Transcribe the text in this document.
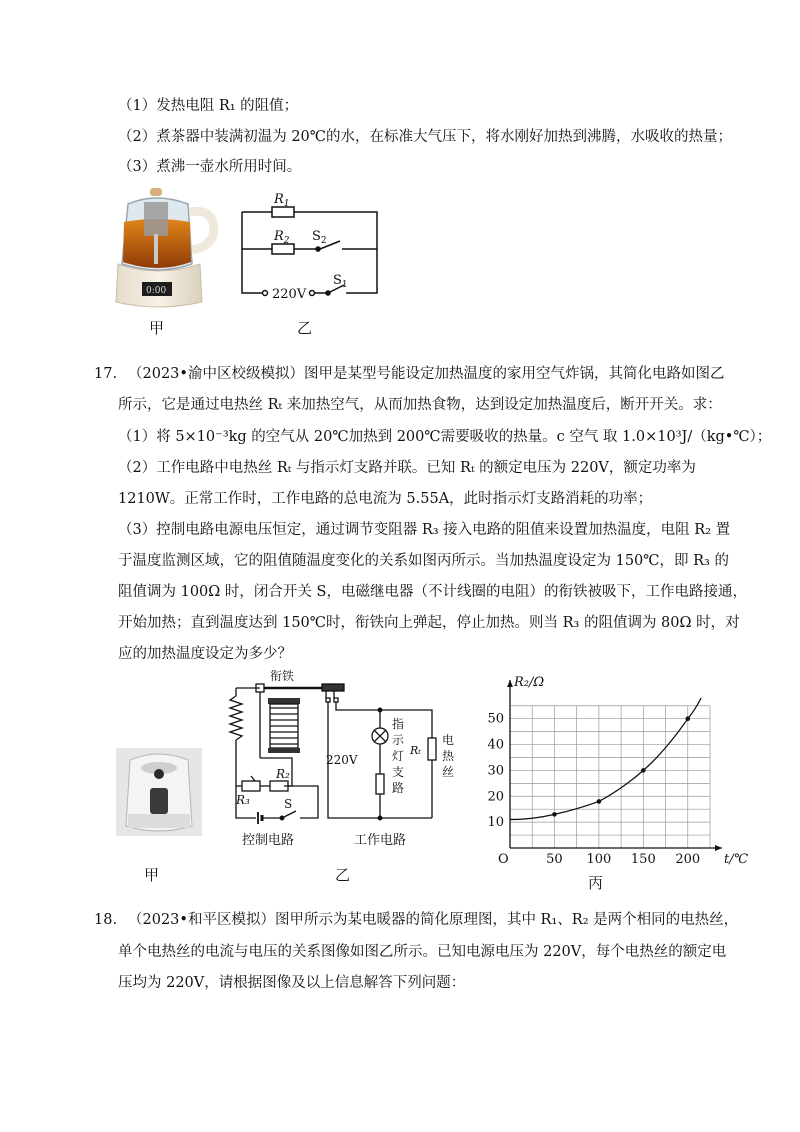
（1）发热电阻 R₁ 的阻值；
（2）煮茶器中装满初温为 20℃的水，在标准大气压下，将水刚好加热到沸腾，水吸收的热量；
（3）煮沸一壶水所用时间。
0:00
甲
$R_1$
$R_2$ $S_2$
$S_1$
220V
乙
17. （2023•渝中区校级模拟）图甲是某型号能设定加热温度的家用空气炸锅，其简化电路如图乙
所示，它是通过电热丝 Rₜ 来加热空气，从而加热食物，达到设定加热温度后，断开开关。求：
（1）将 5×10⁻³kg 的空气从 20℃加热到 200℃需要吸收的热量。c 空气 取 1.0×10³J/（kg•℃）；
（2）工作电路中电热丝 Rₜ 与指示灯支路并联。已知 Rₜ 的额定电压为 220V，额定功率为
1210W。正常工作时，工作电路的总电流为 5.55A，此时指示灯支路消耗的功率；
（3）控制电路电源电压恒定，通过调节变阻器 R₃ 接入电路的阻值来设置加热温度，电阻 R₂ 置
于温度监测区域，它的阻值随温度变化的关系如图丙所示。当加热温度设定为 150℃，即 R₃ 的
阻值调为 100Ω 时，闭合开关 S，电磁继电器（不计线圈的电阻）的衔铁被吸下，工作电路接通，
开始加热；直到温度达到 150℃时，衔铁向上弹起，停止加热。则当 R₃ 的阻值调为 80Ω 时，对
应的加热温度设定为多少？
甲
衔铁
R₂
R₃	S
220V
指
示
灯
支
路
Rₜ
电
热
丝
控制电路	工作电路
乙
50 100 150 200
10
20
30
40
50
O	t/℃
R₂/Ω
丙
18. （2023•和平区模拟）图甲所示为某电暖器的简化原理图，其中 R₁、R₂ 是两个相同的电热丝，
单个电热丝的电流与电压的关系图像如图乙所示。已知电源电压为 220V，每个电热丝的额定电
压均为 220V，请根据图像及以上信息解答下列问题：
